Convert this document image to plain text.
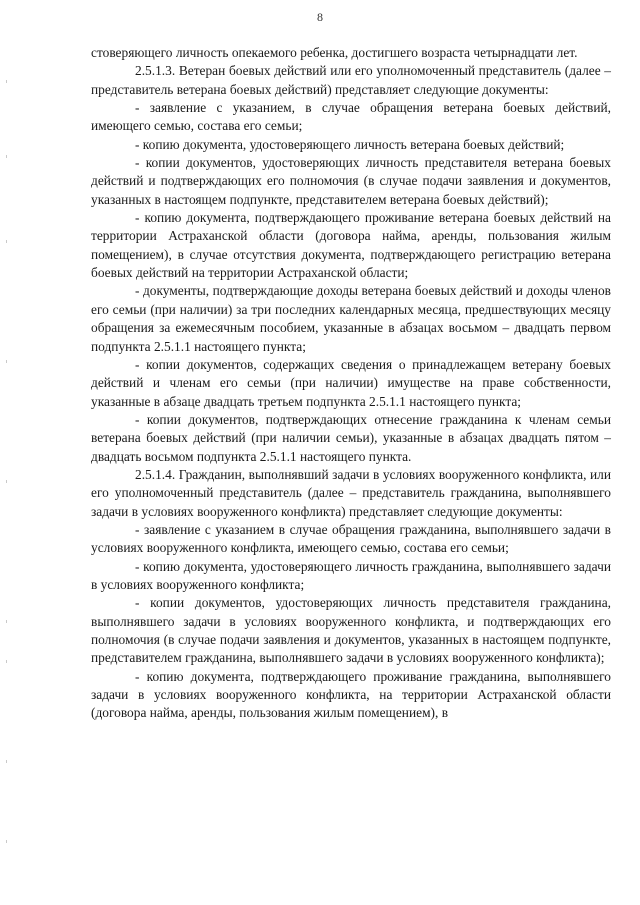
8

стоверяющего личность опекаемого ребенка, достигшего возраста четырнадцати лет.

2.5.1.3. Ветеран боевых действий или его уполномоченный представитель (далее – представитель ветерана боевых действий) представляет следующие документы:

- заявление с указанием, в случае обращения ветерана боевых действий, имеющего семью, состава его семьи;

- копию документа, удостоверяющего личность ветерана боевых действий;

- копии документов, удостоверяющих личность представителя ветерана боевых действий и подтверждающих его полномочия (в случае подачи заявления и документов, указанных в настоящем подпункте, представителем ветерана боевых действий);

- копию документа, подтверждающего проживание ветерана боевых действий на территории Астраханской области (договора найма, аренды, пользования жилым помещением), в случае отсутствия документа, подтверждающего регистрацию ветерана боевых действий на территории Астраханской области;

- документы, подтверждающие доходы ветерана боевых действий и доходы членов его семьи (при наличии) за три последних календарных месяца, предшествующих месяцу обращения за ежемесячным пособием, указанные в абзацах восьмом – двадцать первом подпункта 2.5.1.1 настоящего пункта;

- копии документов, содержащих сведения о принадлежащем ветерану боевых действий и членам его семьи (при наличии) имуществе на праве собственности, указанные в абзаце двадцать третьем подпункта 2.5.1.1 настоящего пункта;

- копии документов, подтверждающих отнесение гражданина к членам семьи ветерана боевых действий (при наличии семьи), указанные в абзацах двадцать пятом – двадцать восьмом подпункта 2.5.1.1 настоящего пункта.

2.5.1.4. Гражданин, выполнявший задачи в условиях вооруженного конфликта, или его уполномоченный представитель (далее – представитель гражданина, выполнявшего задачи в условиях вооруженного конфликта) представляет следующие документы:

- заявление с указанием в случае обращения гражданина, выполнявшего задачи в условиях вооруженного конфликта, имеющего семью, состава его семьи;

- копию документа, удостоверяющего личность гражданина, выполнявшего задачи в условиях вооруженного конфликта;

- копии документов, удостоверяющих личность представителя гражданина, выполнявшего задачи в условиях вооруженного конфликта, и подтверждающих его полномочия (в случае подачи заявления и документов, указанных в настоящем подпункте, представителем гражданина, выполнявшего задачи в условиях вооруженного конфликта);

- копию документа, подтверждающего проживание гражданина, выполнявшего задачи в условиях вооруженного конфликта, на территории Астраханской области (договора найма, аренды, пользования жилым помещением), в
